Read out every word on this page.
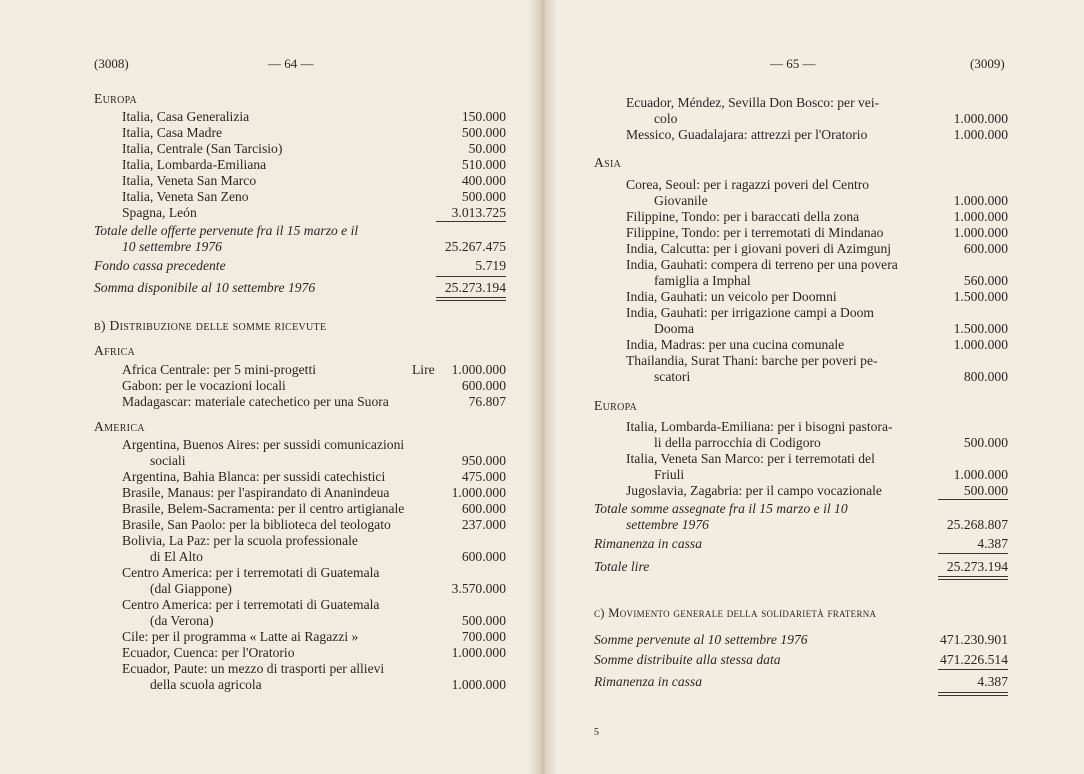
(3008)	— 64 —
Europa
Italia, Casa Generalizia	150.000
Italia, Casa Madre	500.000
Italia, Centrale (San Tarcisio)	50.000
Italia, Lombarda-Emiliana	510.000
Italia, Veneta San Marco	400.000
Italia, Veneta San Zeno	500.000
Spagna, León	3.013.725
Totale delle offerte pervenute fra il 15 marzo e il
10 settembre 1976	25.267.475
Fondo cassa precedente	5.719
Somma disponibile al 10 settembre 1976	25.273.194
b) Distribuzione delle somme ricevute
Africa
Africa Centrale: per 5 mini-progetti	Lire	1.000.000
Gabon: per le vocazioni locali	600.000
Madagascar: materiale catechetico per una Suora	76.807
America
Argentina, Buenos Aires: per sussidi comunicazioni
sociali	950.000
Argentina, Bahia Blanca: per sussidi catechistici	475.000
Brasile, Manaus: per l'aspirandato di Ananindeua	1.000.000
Brasile, Belem-Sacramenta: per il centro artigianale	600.000
Brasile, San Paolo: per la biblioteca del teologato	237.000
Bolivia, La Paz: per la scuola professionale
di El Alto	600.000
Centro America: per i terremotati di Guatemala
(dal Giappone)	3.570.000
Centro America: per i terremotati di Guatemala
(da Verona)	500.000
Cile: per il programma « Latte ai Ragazzi »	700.000
Ecuador, Cuenca: per l'Oratorio	1.000.000
Ecuador, Paute: un mezzo di trasporti per allievi
della scuola agricola	1.000.000
— 65 —	(3009)
Ecuador, Méndez, Sevilla Don Bosco: per vei-
colo	1.000.000
Messico, Guadalajara: attrezzi per l'Oratorio	1.000.000
Asia
Corea, Seoul: per i ragazzi poveri del Centro
Giovanile	1.000.000
Filippine, Tondo: per i baraccati della zona	1.000.000
Filippine, Tondo: per i terremotati di Mindanao	1.000.000
India, Calcutta: per i giovani poveri di Azimgunj	600.000
India, Gauhati: compera di terreno per una povera
famiglia a Imphal	560.000
India, Gauhati: un veicolo per Doomni	1.500.000
India, Gauhati: per irrigazione campi a Doom
Dooma	1.500.000
India, Madras: per una cucina comunale	1.000.000
Thailandia, Surat Thani: barche per poveri pe-
scatori	800.000
Europa
Italia, Lombarda-Emiliana: per i bisogni pastora-
li della parrocchia di Codigoro	500.000
Italia, Veneta San Marco: per i terremotati del
Friuli	1.000.000
Jugoslavia, Zagabria: per il campo vocazionale	500.000
Totale somme assegnate fra il 15 marzo e il 10
settembre 1976	25.268.807
Rimanenza in cassa	4.387
Totale lire	25.273.194
c) Movimento generale della solidarietà fraterna
Somme pervenute al 10 settembre 1976	471.230.901
Somme distribuite alla stessa data	471.226.514
Rimanenza in cassa	4.387
5
